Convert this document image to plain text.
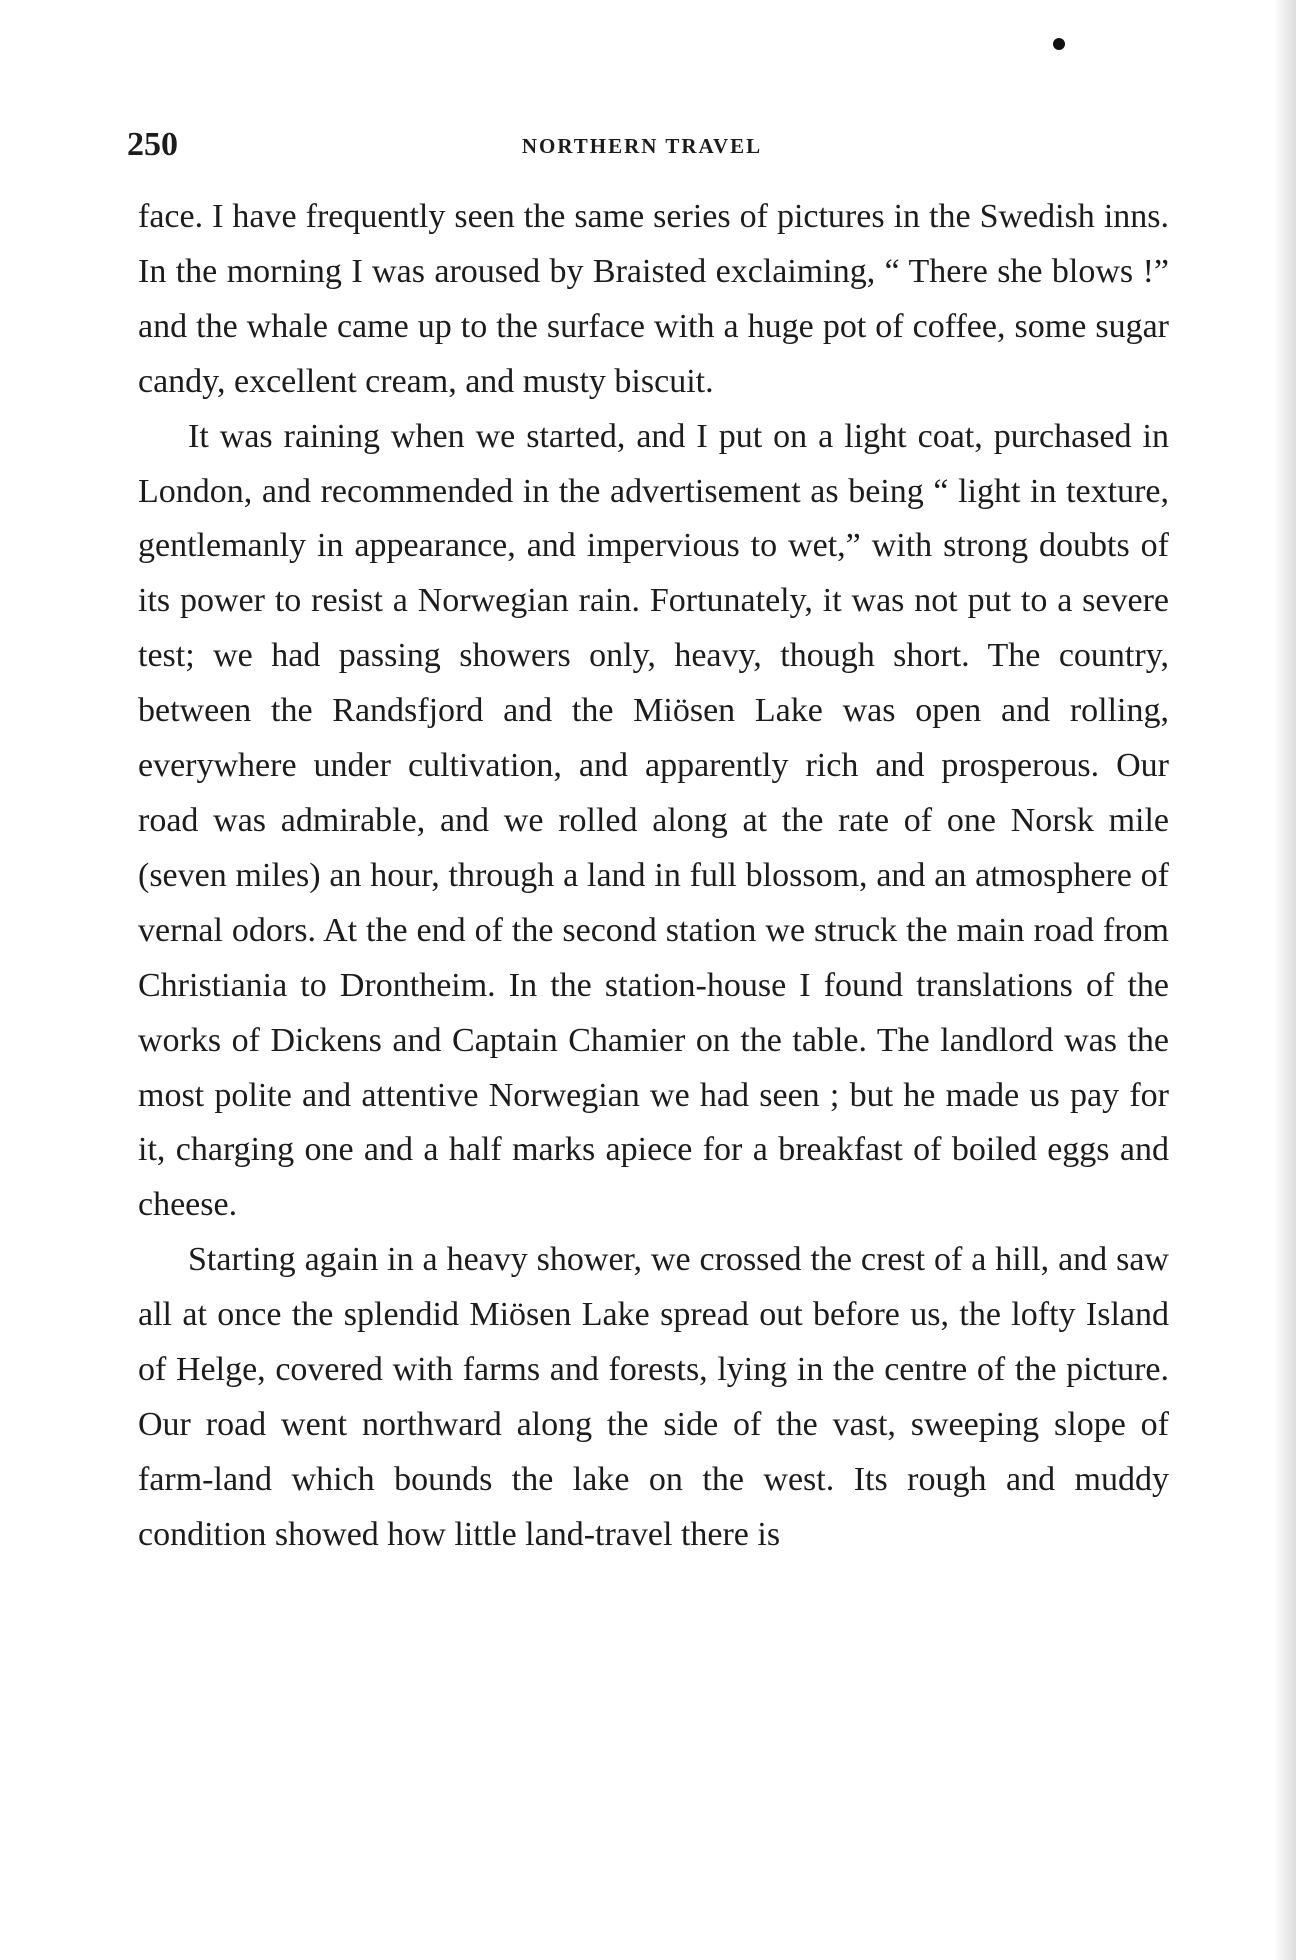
250	NORTHERN TRAVEL

face. I have frequently seen the same series of pictures in the Swedish inns. In the morning I was aroused by Braisted exclaiming, “ There she blows !” and the whale came up to the surface with a huge pot of coffee, some sugar candy, excellent cream, and musty biscuit.

It was raining when we started, and I put on a light coat, purchased in London, and recommended in the advertisement as being “ light in texture, gentlemanly in appearance, and impervious to wet,” with strong doubts of its power to resist a Norwegian rain. Fortunately, it was not put to a severe test; we had passing showers only, heavy, though short. The country, between the Randsfjord and the Miösen Lake was open and rolling, everywhere under cultivation, and apparently rich and prosperous. Our road was admirable, and we rolled along at the rate of one Norsk mile (seven miles) an hour, through a land in full blossom, and an atmosphere of vernal odors. At the end of the second station we struck the main road from Christiania to Drontheim. In the station-house I found translations of the works of Dickens and Captain Chamier on the table. The landlord was the most polite and attentive Norwegian we had seen ; but he made us pay for it, charging one and a half marks apiece for a breakfast of boiled eggs and cheese.

Starting again in a heavy shower, we crossed the crest of a hill, and saw all at once the splendid Miösen Lake spread out before us, the lofty Island of Helge, covered with farms and forests, lying in the centre of the picture. Our road went northward along the side of the vast, sweeping slope of farm-land which bounds the lake on the west. Its rough and muddy condition showed how little land-travel there is
